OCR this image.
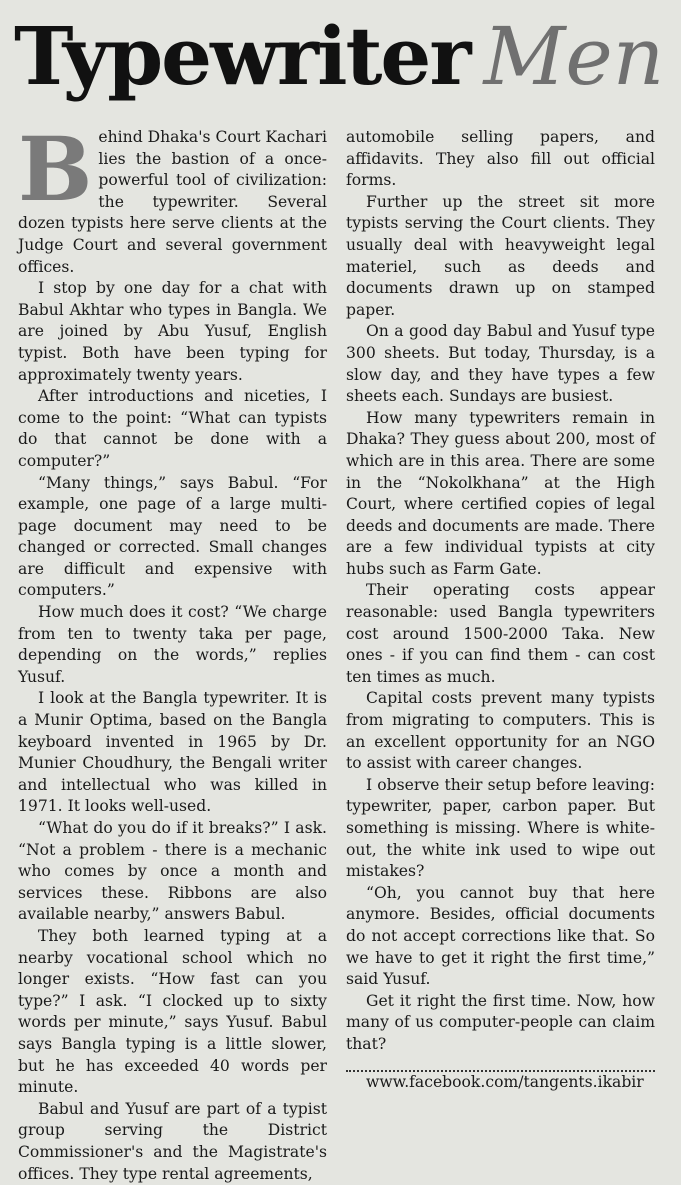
Typewriter Men

Behind Dhaka's Court Kachari lies the bastion of a once-powerful tool of civilization: the typewriter. Several dozen typists here serve clients at the Judge Court and several government offices.

I stop by one day for a chat with Babul Akhtar who types in Bangla. We are joined by Abu Yusuf, English typist. Both have been typing for approximately twenty years.

After introductions and niceties, I come to the point: “What can typists do that cannot be done with a computer?”

“Many things,” says Babul. “For example, one page of a large multi-page document may need to be changed or corrected. Small changes are difficult and expensive with computers.”

How much does it cost? “We charge from ten to twenty taka per page, depending on the words,” replies Yusuf.

I look at the Bangla typewriter. It is a Munir Optima, based on the Bangla keyboard invented in 1965 by Dr. Munier Choudhury, the Bengali writer and intellectual who was killed in 1971. It looks well-used.

“What do you do if it breaks?” I ask. “Not a problem - there is a mechanic who comes by once a month and services these. Ribbons are also available nearby,” answers Babul.

They both learned typing at a nearby vocational school which no longer exists. “How fast can you type?” I ask. “I clocked up to sixty words per minute,” says Yusuf. Babul says Bangla typing is a little slower, but he has exceeded 40 words per minute.

Babul and Yusuf are part of a typist group serving the District Commissioner's and the Magistrate's offices. They type rental agreements,

automobile selling papers, and affidavits. They also fill out official forms.

Further up the street sit more typists serving the Court clients. They usually deal with heavyweight legal materiel, such as deeds and documents drawn up on stamped paper.

On a good day Babul and Yusuf type 300 sheets. But today, Thursday, is a slow day, and they have types a few sheets each. Sundays are busiest.

How many typewriters remain in Dhaka? They guess about 200, most of which are in this area. There are some in the “Nokolkhana” at the High Court, where certified copies of legal deeds and documents are made. There are a few individual typists at city hubs such as Farm Gate.

Their operating costs appear reasonable: used Bangla typewriters cost around 1500-2000 Taka. New ones - if you can find them - can cost ten times as much.

Capital costs prevent many typists from migrating to computers. This is an excellent opportunity for an NGO to assist with career changes.

I observe their setup before leaving: typewriter, paper, carbon paper. But something is missing. Where is white-out, the white ink used to wipe out mistakes?

“Oh, you cannot buy that here anymore. Besides, official documents do not accept corrections like that. So we have to get it right the first time,” said Yusuf.

Get it right the first time. Now, how many of us computer-people can claim that?

www.facebook.com/tangents.ikabir
